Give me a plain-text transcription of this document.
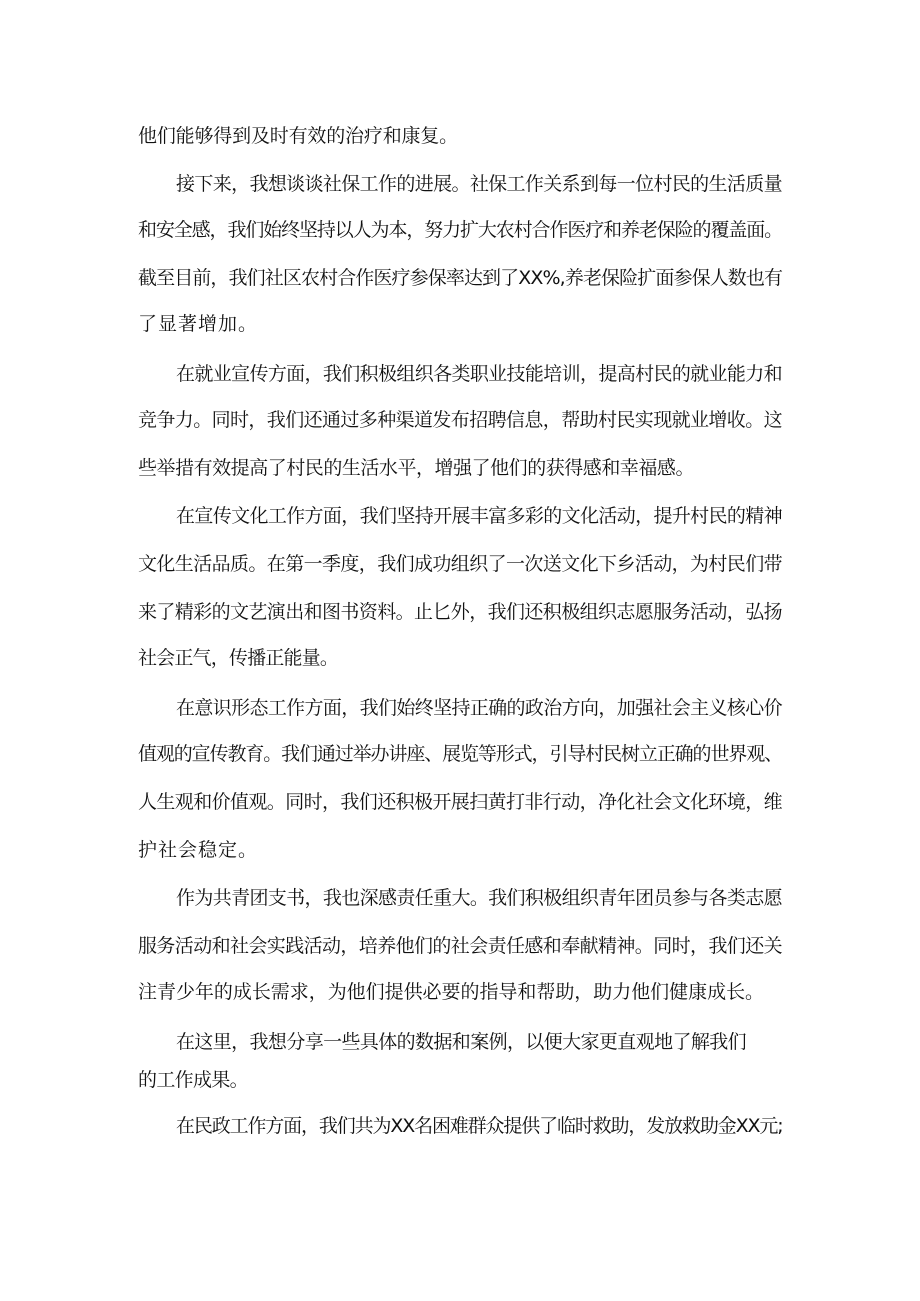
他们能够得到及时有效的治疗和康复。
接下来，我想谈谈社保工作的进展。社保工作关系到每一位村民的生活质量
和安全感，我们始终坚持以人为本，努力扩大农村合作医疗和养老保险的覆盖面。
截至目前，我们社区农村合作医疗参保率达到了XX%,养老保险扩面参保人数也有
了显著增加。
在就业宣传方面，我们积极组织各类职业技能培训，提高村民的就业能力和
竞争力。同时，我们还通过多种渠道发布招聘信息，帮助村民实现就业增收。这
些举措有效提高了村民的生活水平，增强了他们的获得感和幸福感。
在宣传文化工作方面，我们坚持开展丰富多彩的文化活动，提升村民的精神
文化生活品质。在第一季度，我们成功组织了一次送文化下乡活动，为村民们带
来了精彩的文艺演出和图书资料。止匕外，我们还积极组织志愿服务活动，弘扬
社会正气，传播正能量。
在意识形态工作方面，我们始终坚持正确的政治方向，加强社会主义核心价
值观的宣传教育。我们通过举办讲座、展览等形式，引导村民树立正确的世界观、
人生观和价值观。同时，我们还积极开展扫黄打非行动，净化社会文化环境，维
护社会稳定。
作为共青团支书，我也深感责任重大。我们积极组织青年团员参与各类志愿
服务活动和社会实践活动，培养他们的社会责任感和奉献精神。同时，我们还关
注青少年的成长需求，为他们提供必要的指导和帮助，助力他们健康成长。
在这里，我想分享一些具体的数据和案例，以便大家更直观地了解我们
的工作成果。
在民政工作方面，我们共为XX名困难群众提供了临时救助，发放救助金XX元;
